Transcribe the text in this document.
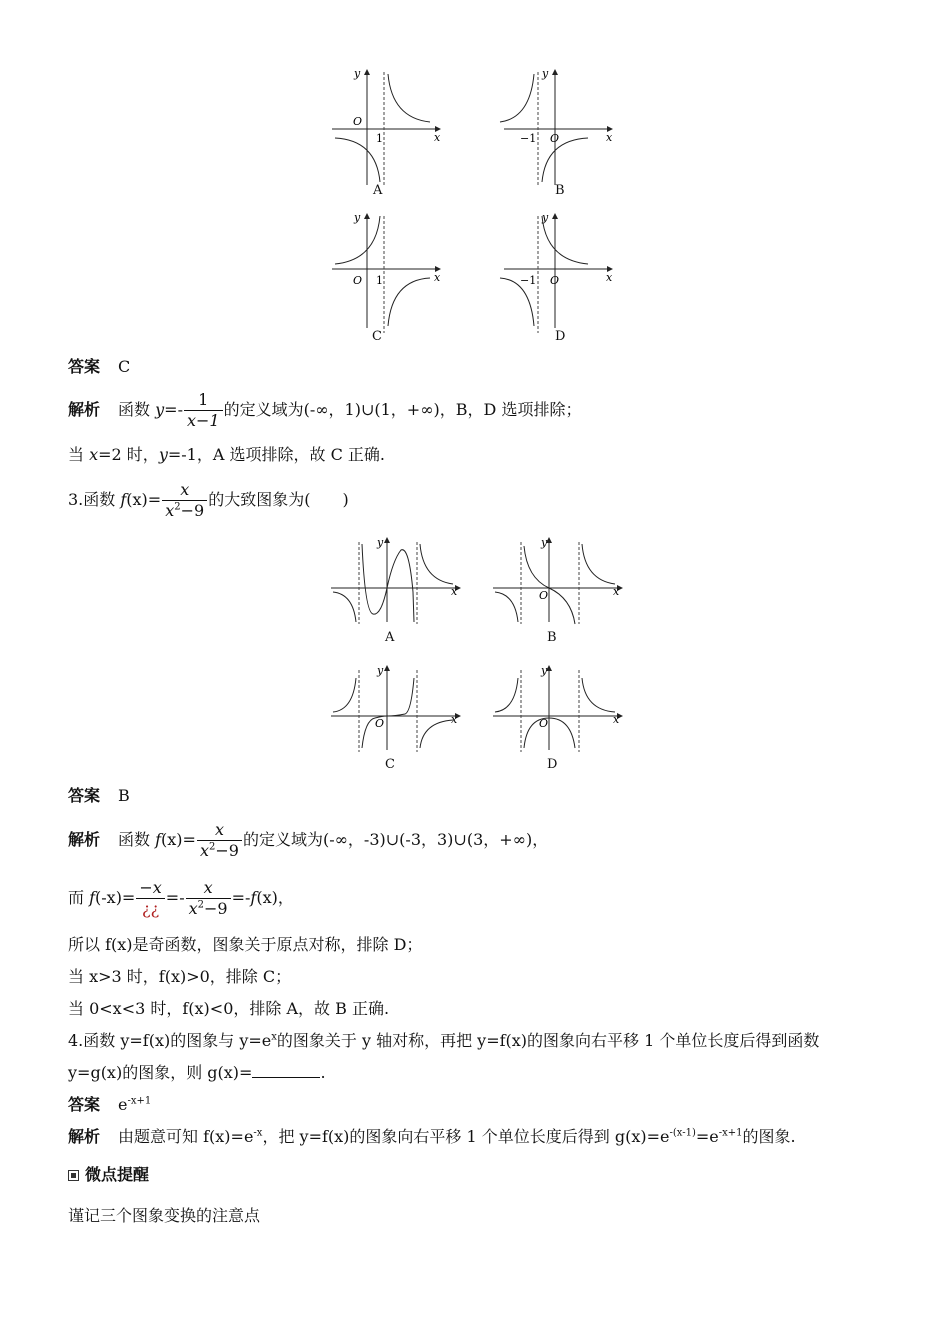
y
x
O
1
y
x
O
−1
y
x
O 1
y
x
O
−1
A	B
C	D
答案 C
解析 函数 $y=- \frac{1}{x-1}$ 的定义域为(-∞，1)∪(1，+∞)，B，D 选项排除；
当 x=2 时，y=-1，A 选项排除，故 C 正确.
3.函数 $f(x)= \frac{x}{x^2-9}$ 的大致图象为(　　)
y
x
y
x
O
y
x
O
y
x
O
A	B
C	D
答案 B
解析 函数 $f(x)= \frac{x}{x^2-9}$ 的定义域为(-∞，-3)∪(-3，3)∪(3，+∞)，
而 $f(-x)= \frac{-x}{¿¿} =- \frac{x}{x^2-9} =-f(x)$，
所以 f(x)是奇函数，图象关于原点对称，排除 D；
当 x>3 时，f(x)>0，排除 C；
当 0<x<3 时，f(x)<0，排除 A，故 B 正确.
4.函数 y=f(x)的图象与 $y=e^x$的图象关于 y 轴对称，再把 y=f(x)的图象向右平移 1 个单位长度后得到函数
y=g(x)的图象，则 g(x)=	.
答案 $e^{-x+1}$
解析 由题意可知 $f(x)=e^{-x}$，把 y=f(x)的图象向右平移 1 个单位长度后得到 $g(x)=e^{-(x-1)}=e^{-x+1}$的图象.
微点提醒
谨记三个图象变换的注意点
